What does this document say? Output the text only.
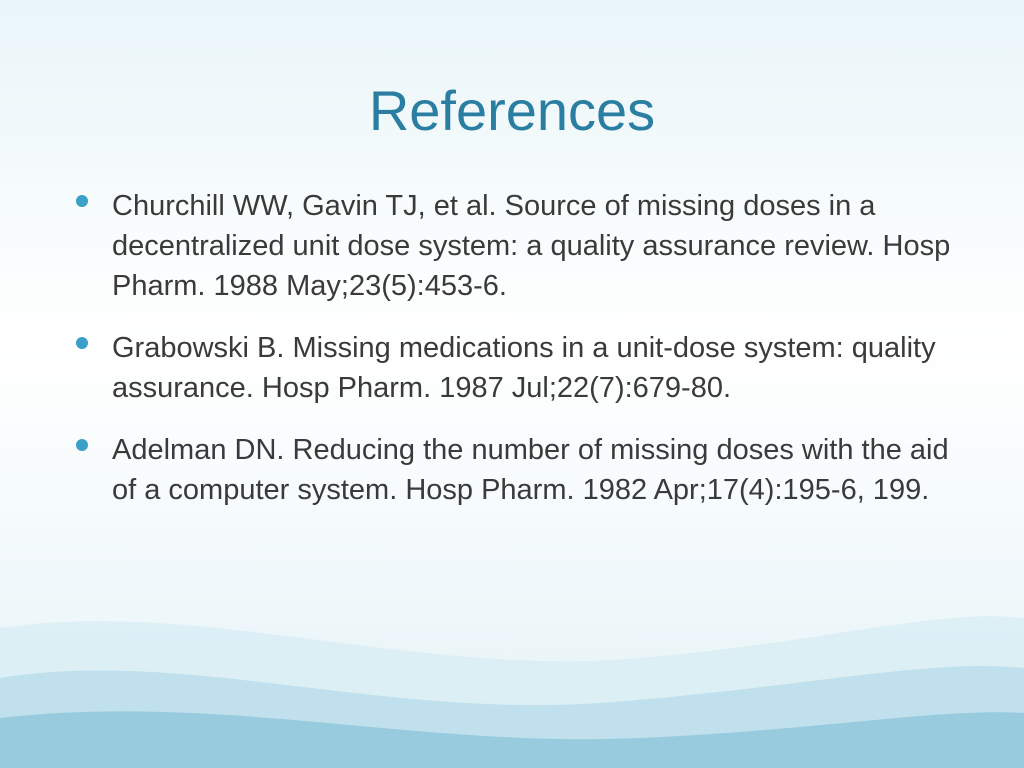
References
Churchill WW, Gavin TJ, et al. Source of missing doses in a decentralized unit dose system: a quality assurance review. Hosp Pharm. 1988 May;23(5):453-6.
Grabowski B. Missing medications in a unit-dose system: quality assurance. Hosp Pharm. 1987 Jul;22(7):679-80.
Adelman DN. Reducing the number of missing doses with the aid of a computer system. Hosp Pharm. 1982 Apr;17(4):195-6, 199.
